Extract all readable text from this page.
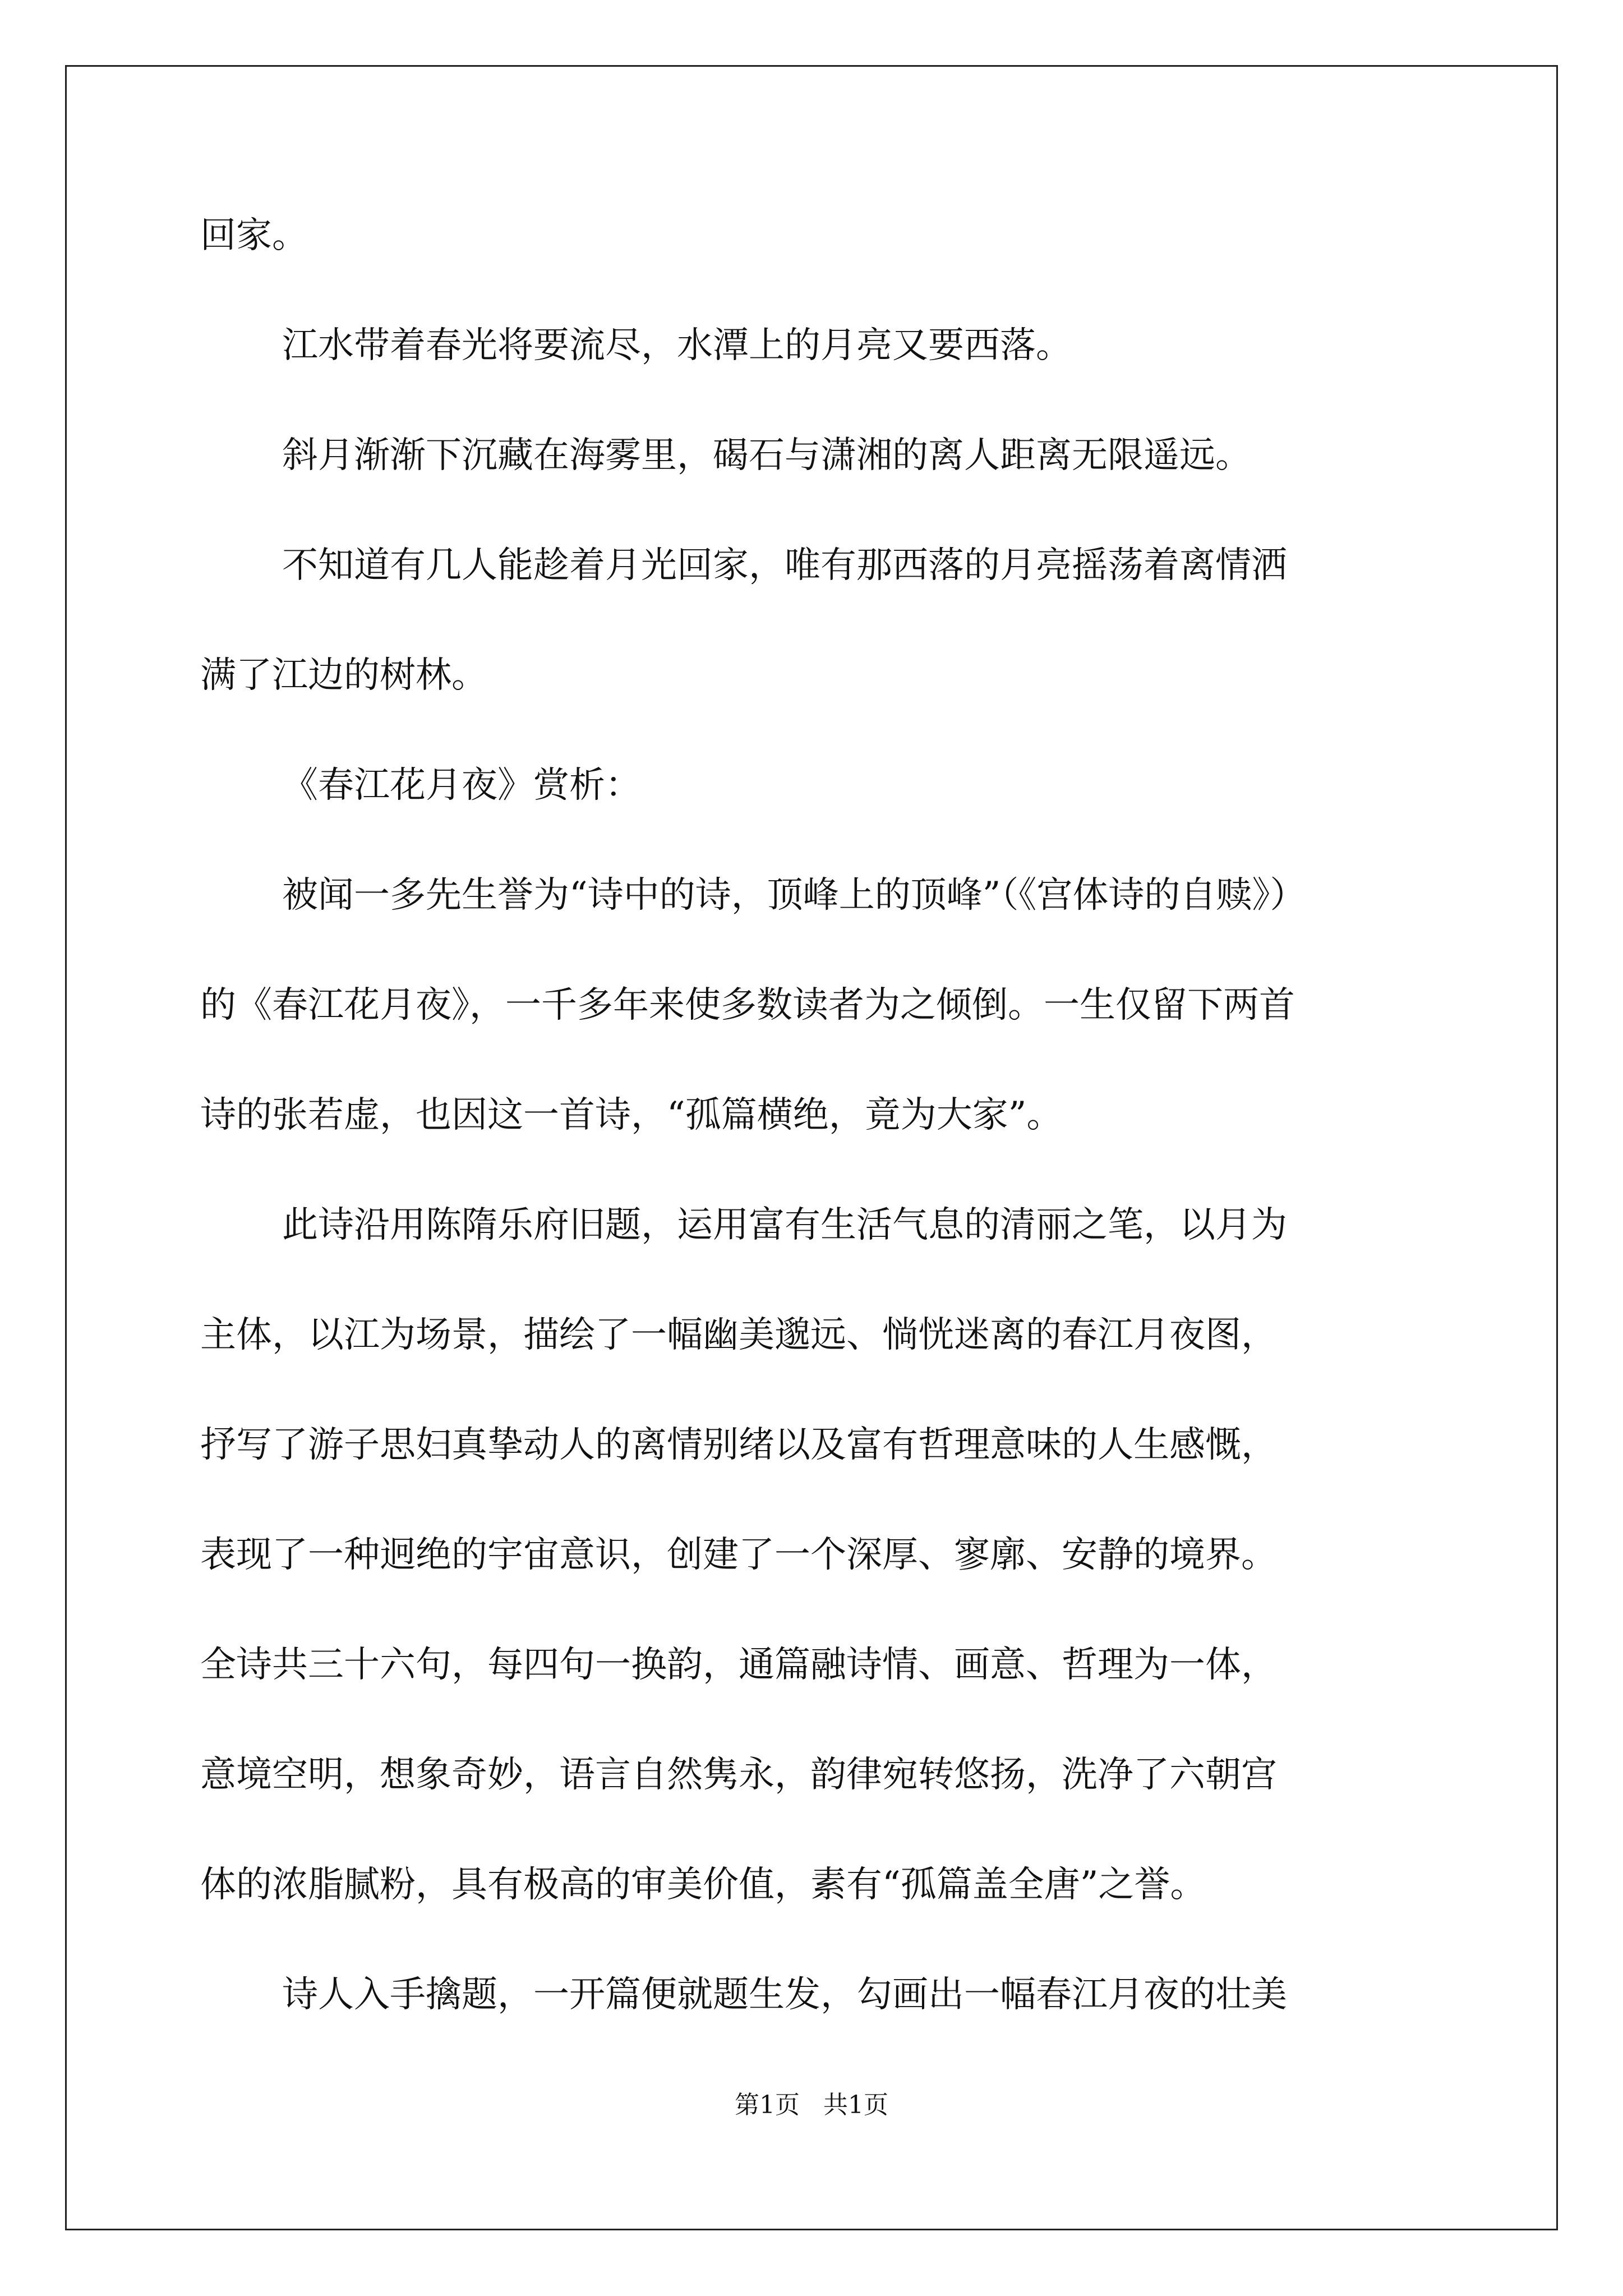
回家。
江水带着春光将要流尽，水潭上的月亮又要西落。
斜月渐渐下沉藏在海雾里，碣石与潇湘的离人距离无限遥远。
不知道有几人能趁着月光回家，唯有那西落的月亮摇荡着离情洒
满了江边的树林。
《春江花月夜》赏析：
被闻一多先生誉为“诗中的诗，顶峰上的顶峰”（《宫体诗的自赎》）
的《春江花月夜》，一千多年来使多数读者为之倾倒。一生仅留下两首
诗的张若虚，也因这一首诗，“孤篇横绝，竟为大家”。
此诗沿用陈隋乐府旧题，运用富有生活气息的清丽之笔，以月为
主体，以江为场景，描绘了一幅幽美邈远、惝恍迷离的春江月夜图，
抒写了游子思妇真挚动人的离情别绪以及富有哲理意味的人生感慨，
表现了一种迥绝的宇宙意识，创建了一个深厚、寥廓、安静的境界。
全诗共三十六句，每四句一换韵，通篇融诗情、画意、哲理为一体，
意境空明，想象奇妙，语言自然隽永，韵律宛转悠扬，洗净了六朝宫
体的浓脂腻粉，具有极高的审美价值，素有“孤篇盖全唐”之誉。
诗人入手擒题，一开篇便就题生发，勾画出一幅春江月夜的壮美
第1页   共1页
